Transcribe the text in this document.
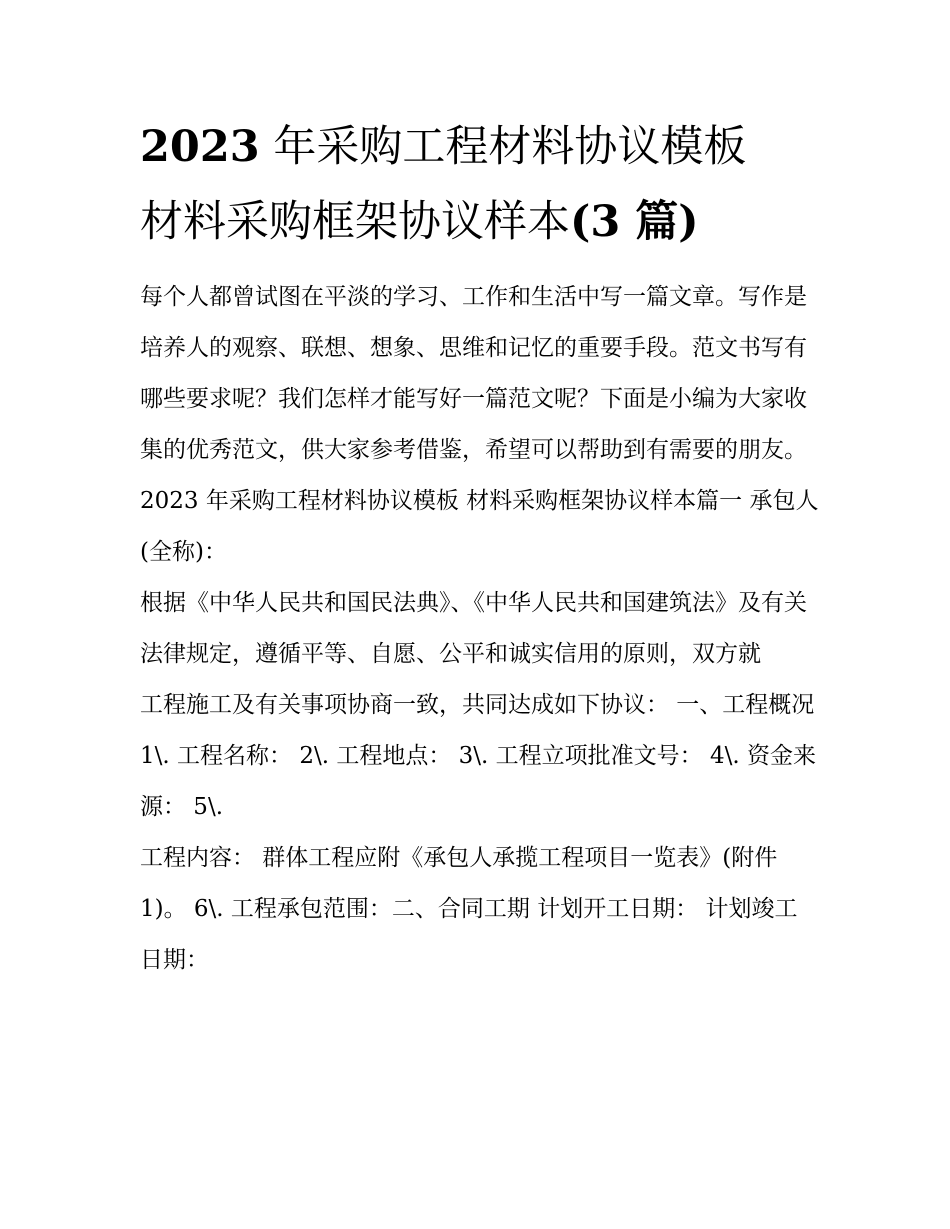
2023 年采购工程材料协议模板
材料采购框架协议样本(3 篇)

每个人都曾试图在平淡的学习、工作和生活中写一篇文章。写作是培养人的观察、联想、想象、思维和记忆的重要手段。范文书写有哪些要求呢？我们怎样才能写好一篇范文呢？下面是小编为大家收集的优秀范文，供大家参考借鉴，希望可以帮助到有需要的朋友。

2023 年采购工程材料协议模板 材料采购框架协议样本篇一 承包人(全称)：

根据《中华人民共和国民法典》、《中华人民共和国建筑法》及有关法律规定，遵循平等、自愿、公平和诚实信用的原则，双方就

工程施工及有关事项协商一致，共同达成如下协议： 一、工程概况 1\. 工程名称： 2\. 工程地点： 3\. 工程立项批准文号： 4\. 资金来源： 5\.

工程内容： 群体工程应附《承包人承揽工程项目一览表》(附件 1)。 6\. 工程承包范围：二、合同工期 计划开工日期： 计划竣工日期：
